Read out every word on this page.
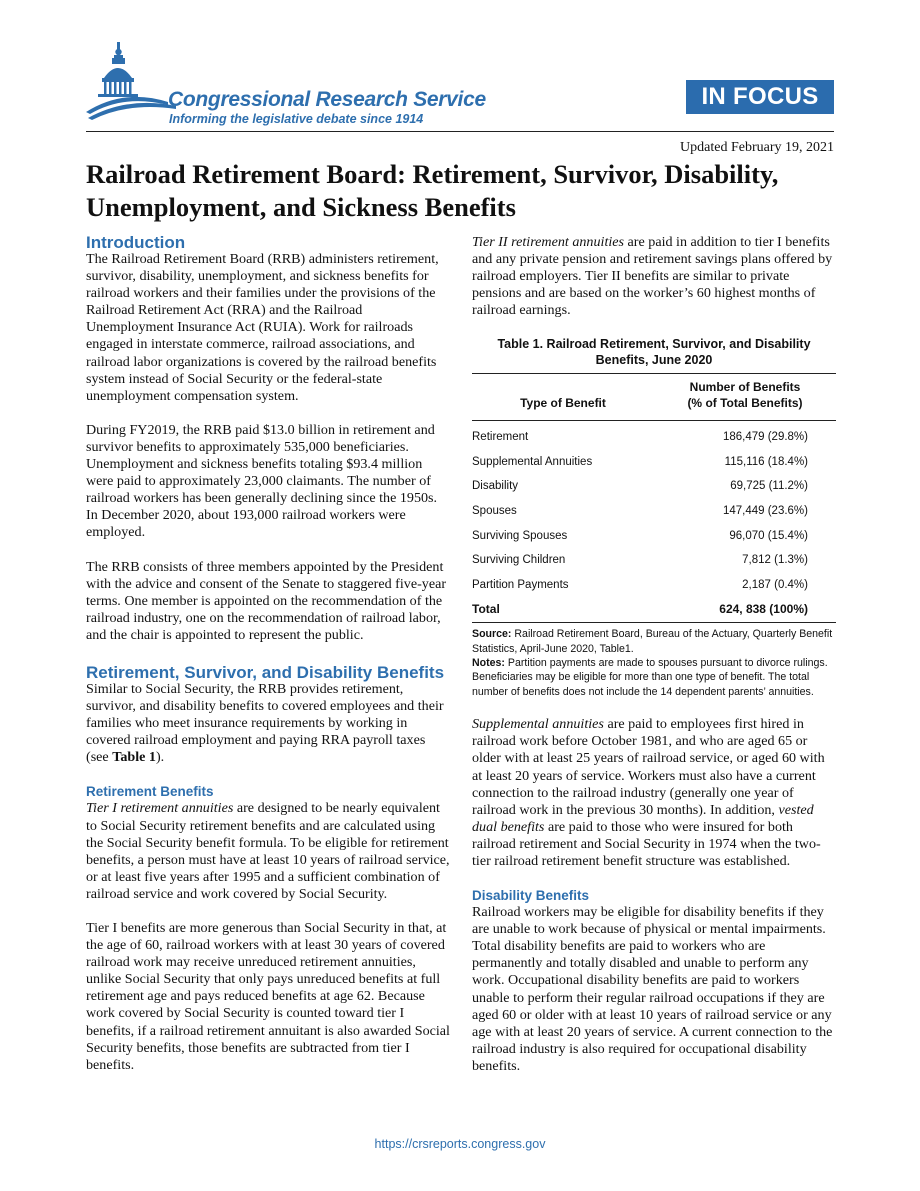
Congressional Research Service
Informing the legislative debate since 1914
IN FOCUS
Updated February 19, 2021
Railroad Retirement Board: Retirement, Survivor, Disability, Unemployment, and Sickness Benefits
Introduction

The Railroad Retirement Board (RRB) administers retirement, survivor, disability, unemployment, and sickness benefits for railroad workers and their families under the provisions of the Railroad Retirement Act (RRA) and the Railroad Unemployment Insurance Act (RUIA). Work for railroads engaged in interstate commerce, railroad associations, and railroad labor organizations is covered by the railroad benefits system instead of Social Security or the federal-state unemployment compensation system.

During FY2019, the RRB paid $13.0 billion in retirement and survivor benefits to approximately 535,000 beneficiaries. Unemployment and sickness benefits totaling $93.4 million were paid to approximately 23,000 claimants. The number of railroad workers has been generally declining since the 1950s. In December 2020, about 193,000 railroad workers were employed.

The RRB consists of three members appointed by the President with the advice and consent of the Senate to staggered five-year terms. One member is appointed on the recommendation of the railroad industry, one on the recommendation of railroad labor, and the chair is appointed to represent the public.

Retirement, Survivor, and Disability Benefits

Similar to Social Security, the RRB provides retirement, survivor, and disability benefits to covered employees and their families who meet insurance requirements by working in covered railroad employment and paying RRA payroll taxes (see Table 1).

Retirement Benefits

Tier I retirement annuities are designed to be nearly equivalent to Social Security retirement benefits and are calculated using the Social Security benefit formula. To be eligible for retirement benefits, a person must have at least 10 years of railroad service, or at least five years after 1995 and a sufficient combination of railroad service and work covered by Social Security.

Tier I benefits are more generous than Social Security in that, at the age of 60, railroad workers with at least 30 years of covered railroad work may receive unreduced retirement annuities, unlike Social Security that only pays unreduced benefits at full retirement age and pays reduced benefits at age 62. Because work covered by Social Security is counted toward tier I benefits, if a railroad retirement annuitant is also awarded Social Security benefits, those benefits are subtracted from tier I benefits.

Tier II retirement annuities are paid in addition to tier I benefits and any private pension and retirement savings plans offered by railroad employers. Tier II benefits are similar to private pensions and are based on the worker’s 60 highest months of railroad earnings.

Table 1. Railroad Retirement, Survivor, and Disability Benefits, June 2020
Type of Benefit	Number of Benefits
(% of Total Benefits)

Retirement	186,479 (29.8%)
Supplemental Annuities	115,116 (18.4%)
Disability	69,725 (11.2%)
Spouses	147,449 (23.6%)
Surviving Spouses	96,070 (15.4%)
Surviving Children	7,812 (1.3%)
Partition Payments	2,187 (0.4%)
Total	624, 838 (100%)
Source: Railroad Retirement Board, Bureau of the Actuary, Quarterly Benefit Statistics, April-June 2020, Table1.
Notes: Partition payments are made to spouses pursuant to divorce rulings. Beneficiaries may be eligible for more than one type of benefit. The total number of benefits does not include the 14 dependent parents’ annuities.

Supplemental annuities are paid to employees first hired in railroad work before October 1981, and who are aged 65 or older with at least 25 years of railroad service, or aged 60 with at least 20 years of service. Workers must also have a current connection to the railroad industry (generally one year of railroad work in the previous 30 months). In addition, vested dual benefits are paid to those who were insured for both railroad retirement and Social Security in 1974 when the two-tier railroad retirement benefit structure was established.

Disability Benefits

Railroad workers may be eligible for disability benefits if they are unable to work because of physical or mental impairments. Total disability benefits are paid to workers who are permanently and totally disabled and unable to perform any work. Occupational disability benefits are paid to workers unable to perform their regular railroad occupations if they are aged 60 or older with at least 10 years of railroad service or any age with at least 20 years of service. A current connection to the railroad industry is also required for occupational disability benefits.

https://crsreports.congress.gov
